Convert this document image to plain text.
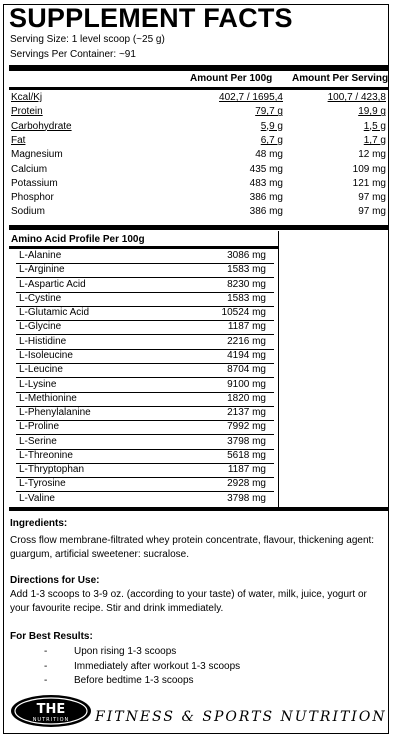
SUPPLEMENT FACTS
Serving Size: 1 level scoop (~25 g)
Servings Per Container: ~91
Amount Per 100g Amount Per Serving
Kcal/Kj	402,7 / 1695,4	100,7 / 423,8
Protein	79,7 g	19,9 g
Carbohydrate	5,9 g	1,5 g
Fat	6,7 g	1,7 g
Magnesium	48 mg	12 mg
Calcium	435 mg	109 mg
Potassium	483 mg	121 mg
Phosphor	386 mg	97 mg
Sodium	386 mg	97 mg
Amino Acid Profile Per 100g
L-Alanine	3086 mg
L-Arginine	1583 mg
L-Aspartic Acid	8230 mg
L-Cystine	1583 mg
L-Glutamic Acid	10524 mg
L-Glycine	1187 mg
L-Histidine	2216 mg
L-Isoleucine	4194 mg
L-Leucine	8704 mg
L-Lysine	9100 mg
L-Methionine	1820 mg
L-Phenylalanine	2137 mg
L-Proline	7992 mg
L-Serine	3798 mg
L-Threonine	5618 mg
L-Thryptophan	1187 mg
L-Tyrosine	2928 mg
L-Valine	3798 mg
Ingredients:
Cross flow membrane-filtrated whey protein concentrate, flavour, thickening agent: guargum, artificial sweetener: sucralose.
Directions for Use:
Add 1-3 scoops to 3-9 oz. (according to your taste) of water, milk, juice, yogurt or your favourite recipe. Stir and drink immediately.
For Best Results:
-	Upon rising 1-3 scoops
-	Immediately after workout 1-3 scoops
-	Before bedtime 1-3 scoops
THE
NUTRITION FITNESS & SPORTS NUTRITION
